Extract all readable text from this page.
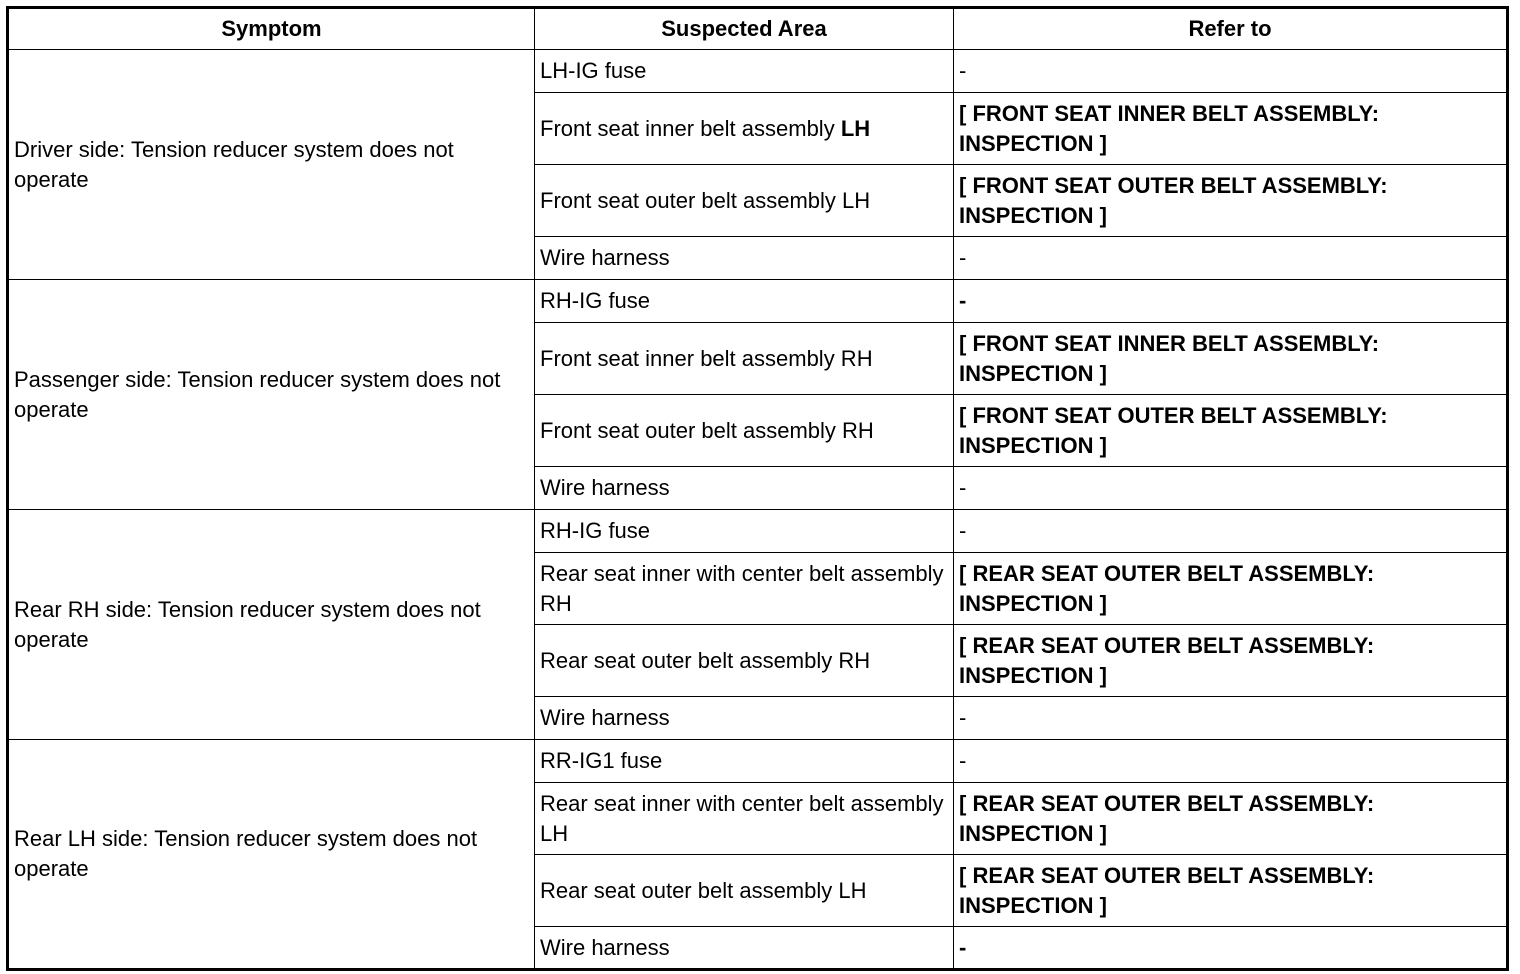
Symptom	Suspected Area	Refer to
Driver side: Tension reducer system does not operate	LH-IG fuse	-
	Front seat inner belt assembly LH	[ FRONT SEAT INNER BELT ASSEMBLY: INSPECTION ]
	Front seat outer belt assembly LH	[ FRONT SEAT OUTER BELT ASSEMBLY: INSPECTION ]
	Wire harness	-
Passenger side: Tension reducer system does not operate	RH-IG fuse	-
	Front seat inner belt assembly RH	[ FRONT SEAT INNER BELT ASSEMBLY: INSPECTION ]
	Front seat outer belt assembly RH	[ FRONT SEAT OUTER BELT ASSEMBLY: INSPECTION ]
	Wire harness	-
Rear RH side: Tension reducer system does not operate	RH-IG fuse	-
	Rear seat inner with center belt assembly RH	[ REAR SEAT OUTER BELT ASSEMBLY: INSPECTION ]
	Rear seat outer belt assembly RH	[ REAR SEAT OUTER BELT ASSEMBLY: INSPECTION ]
	Wire harness	-
Rear LH side: Tension reducer system does not operate	RR-IG1 fuse	-
	Rear seat inner with center belt assembly LH	[ REAR SEAT OUTER BELT ASSEMBLY: INSPECTION ]
	Rear seat outer belt assembly LH	[ REAR SEAT OUTER BELT ASSEMBLY: INSPECTION ]
	Wire harness	-
